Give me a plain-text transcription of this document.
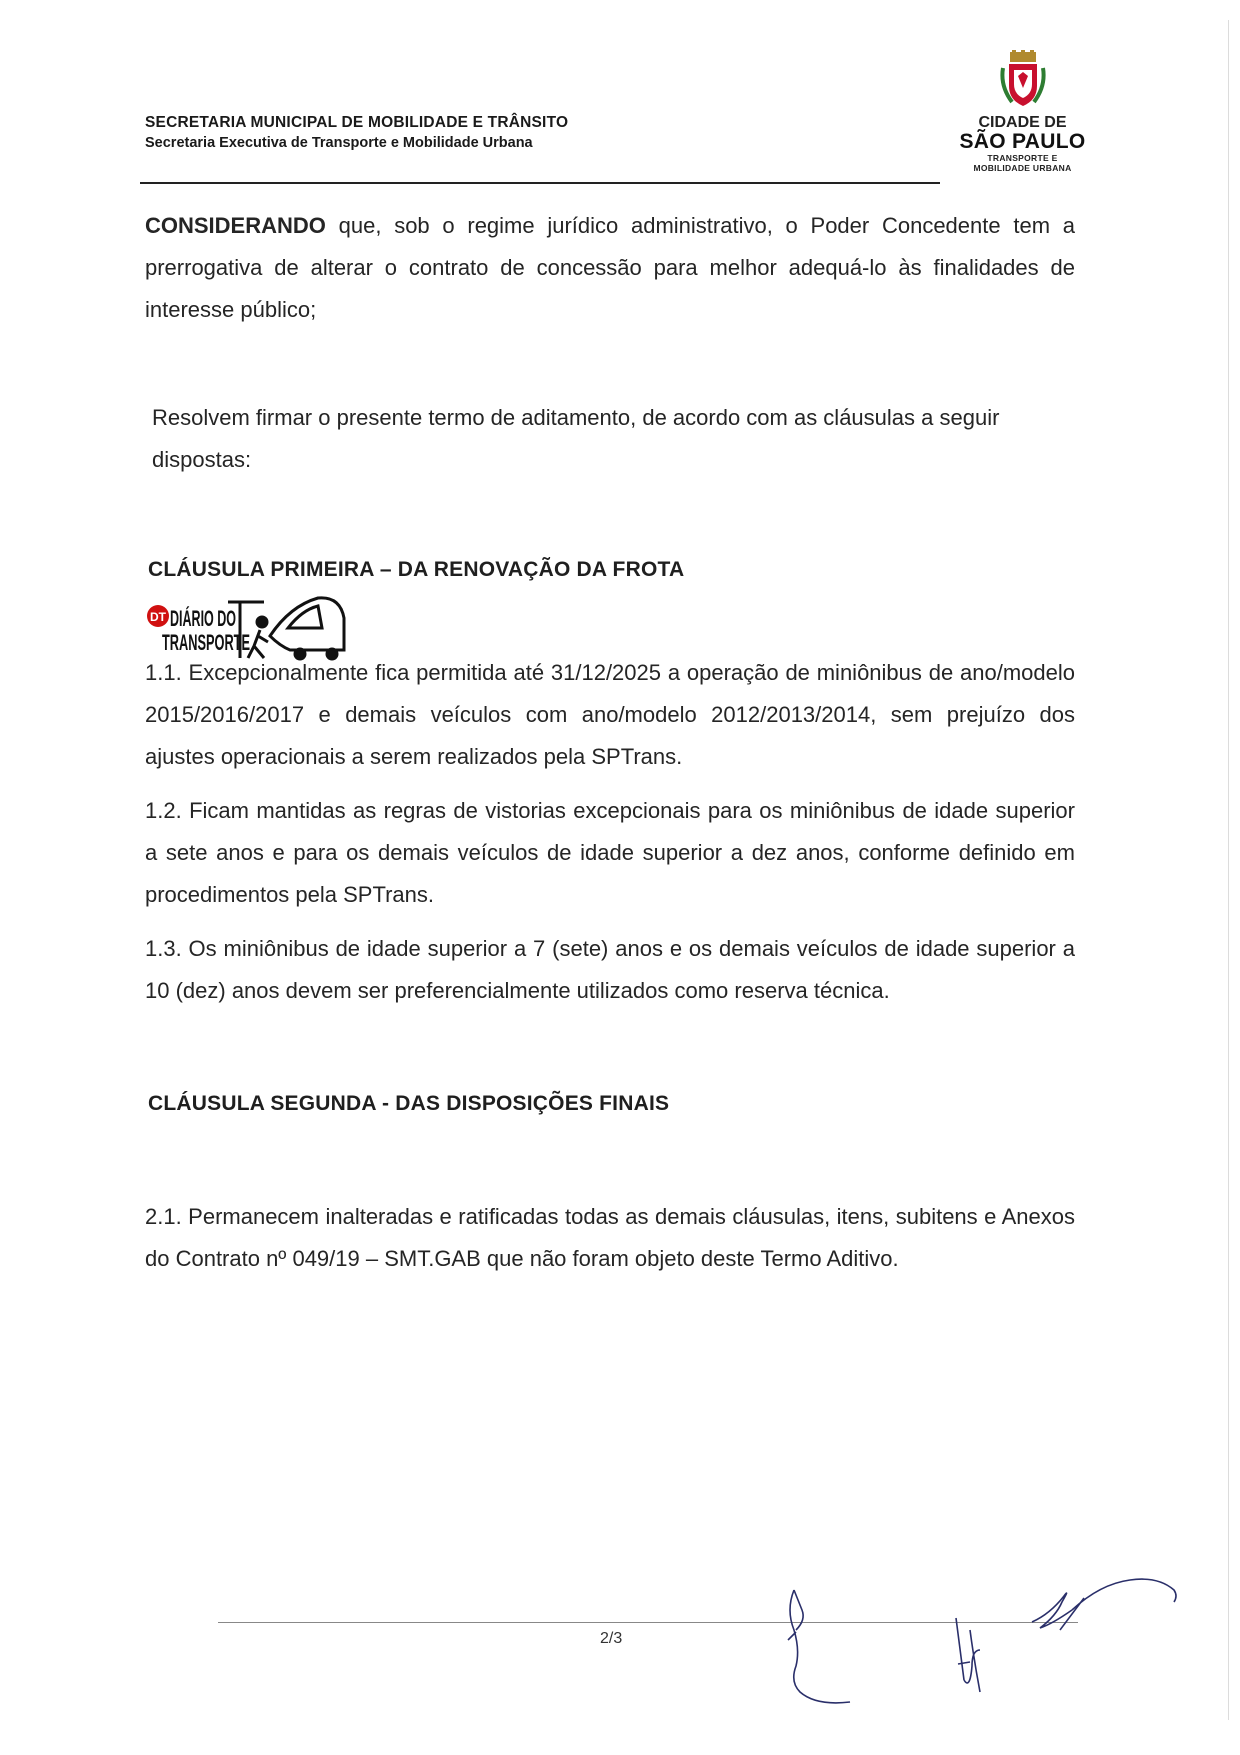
SECRETARIA MUNICIPAL DE MOBILIDADE E TRÂNSITO
Secretaria Executiva de Transporte e Mobilidade Urbana
CIDADE DE
SÃO PAULO
TRANSPORTE E
MOBILIDADE URBANA
CONSIDERANDO que, sob o regime jurídico administrativo, o Poder Concedente tem a prerrogativa de alterar o contrato de concessão para melhor adequá-lo às finalidades de interesse público;
Resolvem firmar o presente termo de aditamento, de acordo com as cláusulas a seguir dispostas:
CLÁUSULA PRIMEIRA – DA RENOVAÇÃO DA FROTA
DT DIÁRIO DO
TRANSPORTE
1.1. Excepcionalmente fica permitida até 31/12/2025 a operação de miniônibus de ano/modelo 2015/2016/2017 e demais veículos com ano/modelo 2012/2013/2014, sem prejuízo dos ajustes operacionais a serem realizados pela SPTrans.
1.2. Ficam mantidas as regras de vistorias excepcionais para os miniônibus de idade superior a sete anos e para os demais veículos de idade superior a dez anos, conforme definido em procedimentos pela SPTrans.
1.3. Os miniônibus de idade superior a 7 (sete) anos e os demais veículos de idade superior a 10 (dez) anos devem ser preferencialmente utilizados como reserva técnica.
CLÁUSULA SEGUNDA - DAS DISPOSIÇÕES FINAIS
2.1. Permanecem inalteradas e ratificadas todas as demais cláusulas, itens, subitens e Anexos do Contrato nº 049/19 – SMT.GAB que não foram objeto deste Termo Aditivo.
2/3
